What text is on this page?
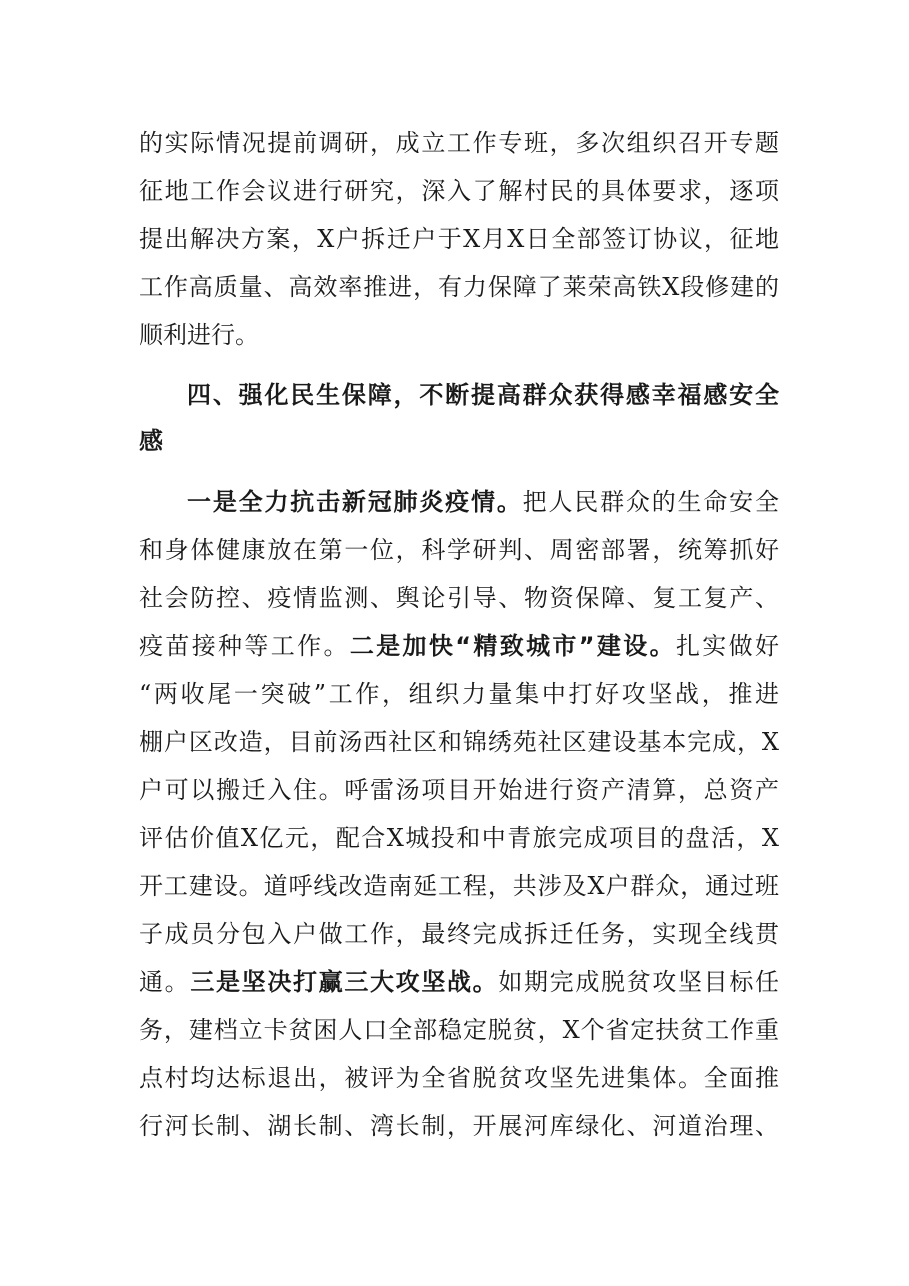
的实际情况提前调研，成立工作专班，多次组织召开专题
征地工作会议进行研究，深入了解村民的具体要求，逐项
提出解决方案，X户拆迁户于X月X日全部签订协议，征地
工作高质量、高效率推进，有力保障了莱荣高铁X段修建的
顺利进行。
四、强化民生保障，不断提高群众获得感幸福感安全
感
一是全力抗击新冠肺炎疫情。把人民群众的生命安全
和身体健康放在第一位，科学研判、周密部署，统筹抓好
社会防控、疫情监测、舆论引导、物资保障、复工复产、
疫苗接种等工作。二是加快“精致城市”建设。扎实做好
“两收尾一突破”工作，组织力量集中打好攻坚战，推进
棚户区改造，目前汤西社区和锦绣苑社区建设基本完成，X
户可以搬迁入住。呼雷汤项目开始进行资产清算，总资产
评估价值X亿元，配合X城投和中青旅完成项目的盘活，X
开工建设。道呼线改造南延工程，共涉及X户群众，通过班
子成员分包入户做工作，最终完成拆迁任务，实现全线贯
通。三是坚决打赢三大攻坚战。如期完成脱贫攻坚目标任
务，建档立卡贫困人口全部稳定脱贫，X个省定扶贫工作重
点村均达标退出，被评为全省脱贫攻坚先进集体。全面推
行河长制、湖长制、湾长制，开展河库绿化、河道治理、
